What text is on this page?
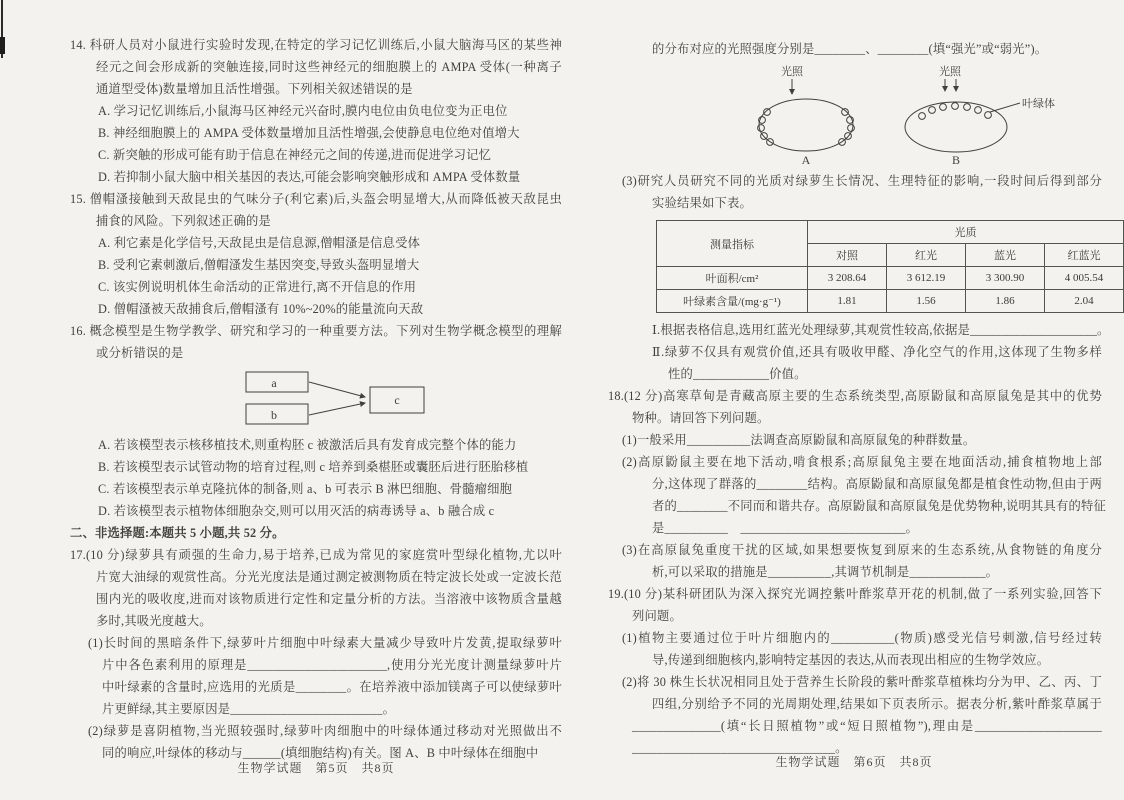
14. 科研人员对小鼠进行实验时发现,在特定的学习记忆训练后,小鼠大脑海马区的某些神
经元之间会形成新的突触连接,同时这些神经元的细胞膜上的 AMPA 受体(一种离子
通道型受体)数量增加且活性增强。下列相关叙述错误的是
A. 学习记忆训练后,小鼠海马区神经元兴奋时,膜内电位由负电位变为正电位
B. 神经细胞膜上的 AMPA 受体数量增加且活性增强,会使静息电位绝对值增大
C. 新突触的形成可能有助于信息在神经元之间的传递,进而促进学习记忆
D. 若抑制小鼠大脑中相关基因的表达,可能会影响突触形成和 AMPA 受体数量
15. 僧帽溞接触到天敌昆虫的气味分子(利它素)后,头盔会明显增大,从而降低被天敌昆虫
捕食的风险。下列叙述正确的是
A. 利它素是化学信号,天敌昆虫是信息源,僧帽溞是信息受体
B. 受利它素刺激后,僧帽溞发生基因突变,导致头盔明显增大
C. 该实例说明机体生命活动的正常进行,离不开信息的作用
D. 僧帽溞被天敌捕食后,僧帽溞有 10%~20%的能量流向天敌
16. 概念模型是生物学教学、研究和学习的一种重要方法。下列对生物学概念模型的理解
或分析错误的是
a
b
c
A. 若该模型表示核移植技术,则重构胚 c 被激活后具有发育成完整个体的能力
B. 若该模型表示试管动物的培育过程,则 c 培养到桑椹胚或囊胚后进行胚胎移植
C. 若该模型表示单克隆抗体的制备,则 a、b 可表示 B 淋巴细胞、骨髓瘤细胞
D. 若该模型表示植物体细胞杂交,则可以用灭活的病毒诱导 a、b 融合成 c
二、非选择题:本题共 5 小题,共 52 分。
17.(10 分)绿萝具有顽强的生命力,易于培养,已成为常见的家庭赏叶型绿化植物,尤以叶
片宽大油绿的观赏性高。分光光度法是通过测定被测物质在特定波长处或一定波长范
围内光的吸收度,进而对该物质进行定性和定量分析的方法。当溶液中该物质含量越
多时,其吸光度越大。
(1)长时间的黑暗条件下,绿萝叶片细胞中叶绿素大量减少导致叶片发黄,提取绿萝叶
片中各色素利用的原理是______________________,使用分光光度计测量绿萝叶片
中叶绿素的含量时,应选用的光质是________。在培养液中添加镁离子可以使绿萝叶
片更鲜绿,其主要原因是________________________。
(2)绿萝是喜阴植物,当光照较强时,绿萝叶肉细胞中的叶绿体通过移动对光照做出不
同的响应,叶绿体的移动与______(填细胞结构)有关。图 A、B 中叶绿体在细胞中
生物学试题　第5页　共8页
的分布对应的光照强度分别是________、________(填“强光”或“弱光”)。
光照
A
光照
叶绿体
B
(3)研究人员研究不同的光质对绿萝生长情况、生理特征的影响,一段时间后得到部分
实验结果如下表。
测量指标	光质			
	对照	红光	蓝光	红蓝光
叶面积/cm²	3 208.64	3 612.19	3 300.90	4 005.54
叶绿素含量/(mg·g⁻¹)	1.81	1.56	1.86	2.04
Ⅰ.根据表格信息,选用红蓝光处理绿萝,其观赏性较高,依据是____________________。
Ⅱ.绿萝不仅具有观赏价值,还具有吸收甲醛、净化空气的作用,这体现了生物多样
性的____________价值。
18.(12 分)高寒草甸是青藏高原主要的生态系统类型,高原鼢鼠和高原鼠兔是其中的优势
物种。请回答下列问题。
(1)一般采用__________法调查高原鼢鼠和高原鼠兔的种群数量。
(2)高原鼢鼠主要在地下活动,啃食根系;高原鼠兔主要在地面活动,捕食植物地上部
分,这体现了群落的________结构。高原鼢鼠和高原鼠兔都是植食性动物,但由于两
者的________不同而和谐共存。高原鼢鼠和高原鼠兔是优势物种,说明其具有的特征
是__________　__________________________。
(3)在高原鼠兔重度干扰的区域,如果想要恢复到原来的生态系统,从食物链的角度分
析,可以采取的措施是__________,其调节机制是____________。
19.(10 分)某科研团队为深入探究光调控紫叶酢浆草开花的机制,做了一系列实验,回答下
列问题。
(1)植物主要通过位于叶片细胞内的__________(物质)感受光信号刺激,信号经过转
导,传递到细胞核内,影响特定基因的表达,从而表现出相应的生物学效应。
(2)将 30 株生长状况相同且处于营养生长阶段的紫叶酢浆草植株均分为甲、乙、丙、丁
四组,分别给予不同的光周期处理,结果如下页表所示。据表分析,紫叶酢浆草属于
______________(填“长日照植物”或“短日照植物”),理由是____________________
________________________________。
生物学试题　第6页　共8页
